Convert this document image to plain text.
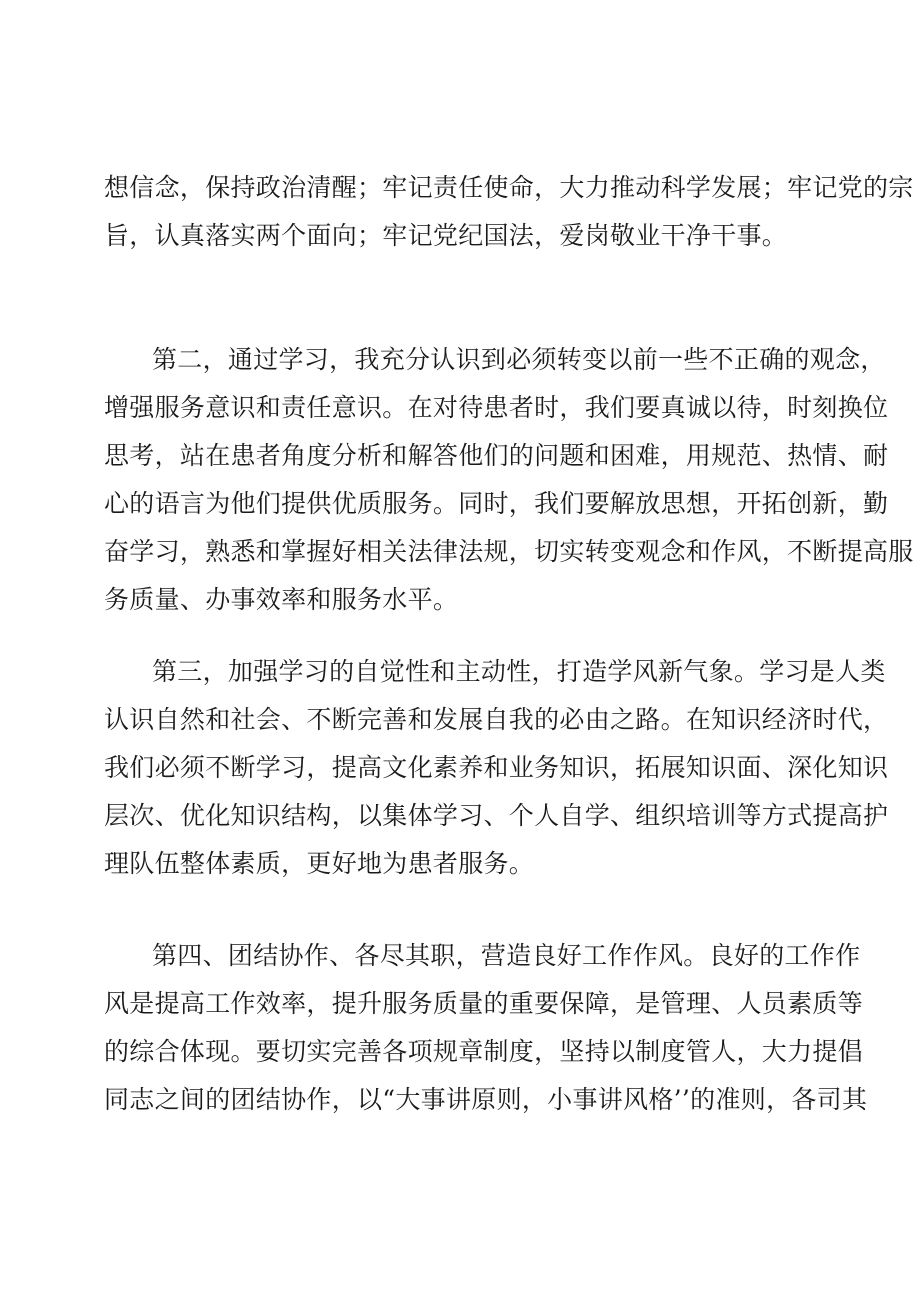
想信念，保持政治清醒；牢记责任使命，大力推动科学发展；牢记党的宗
旨，认真落实两个面向；牢记党纪国法，爱岗敬业干净干事。
第二，通过学习，我充分认识到必须转变以前一些不正确的观念，
增强服务意识和责任意识。在对待患者时，我们要真诚以待，时刻换位
思考，站在患者角度分析和解答他们的问题和困难，用规范、热情、耐
心的语言为他们提供优质服务。同时，我们要解放思想，开拓创新，勤
奋学习，熟悉和掌握好相关法律法规，切实转变观念和作风，不断提高服
务质量、办事效率和服务水平。
第三，加强学习的自觉性和主动性，打造学风新气象。学习是人类
认识自然和社会、不断完善和发展自我的必由之路。在知识经济时代，
我们必须不断学习，提高文化素养和业务知识，拓展知识面、深化知识
层次、优化知识结构，以集体学习、个人自学、组织培训等方式提高护
理队伍整体素质，更好地为患者服务。
第四、团结协作、各尽其职，营造良好工作作风。良好的工作作
风是提高工作效率，提升服务质量的重要保障，是管理、人员素质等
的综合体现。要切实完善各项规章制度，坚持以制度管人，大力提倡
同志之间的团结协作，以“大事讲原则，小事讲风格’’的准则，各司其
